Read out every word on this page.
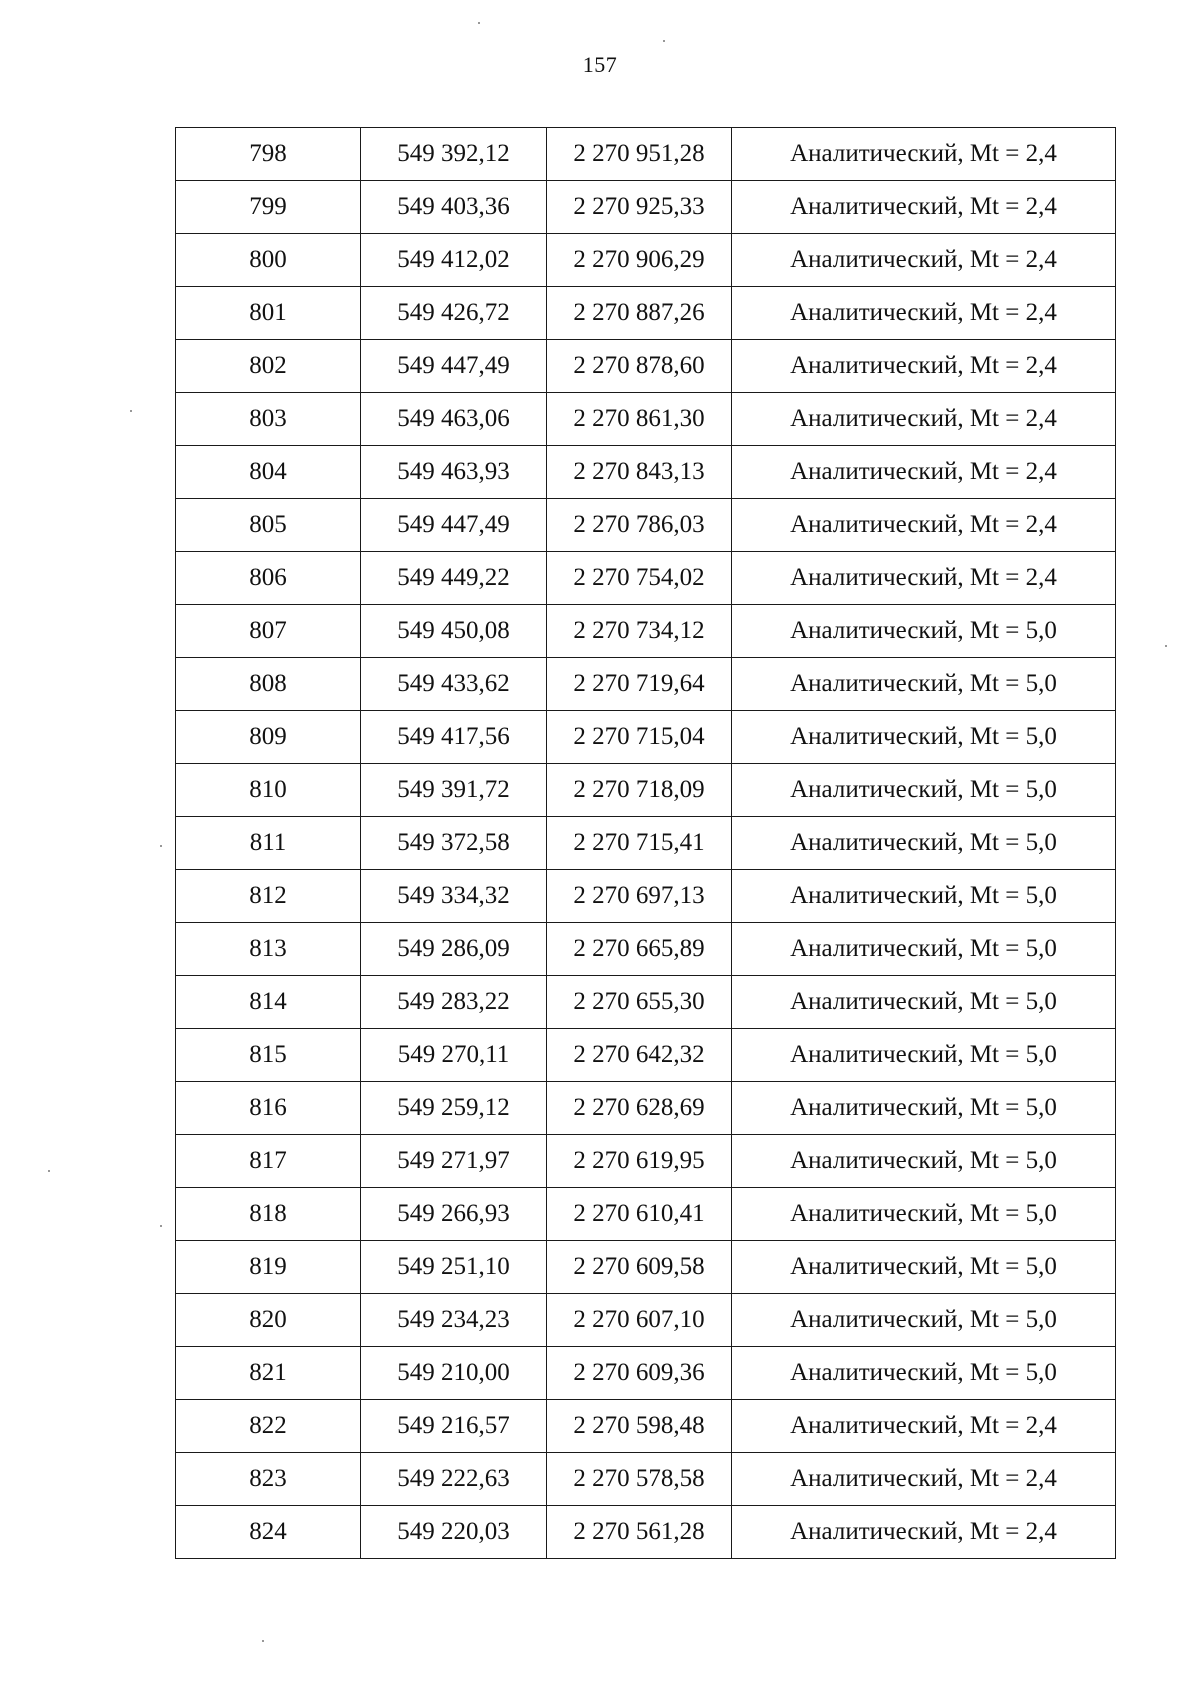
157
798	549 392,12	2 270 951,28	Аналитический, Mt = 2,4
799	549 403,36	2 270 925,33	Аналитический, Mt = 2,4
800	549 412,02	2 270 906,29	Аналитический, Mt = 2,4
801	549 426,72	2 270 887,26	Аналитический, Mt = 2,4
802	549 447,49	2 270 878,60	Аналитический, Mt = 2,4
803	549 463,06	2 270 861,30	Аналитический, Mt = 2,4
804	549 463,93	2 270 843,13	Аналитический, Mt = 2,4
805	549 447,49	2 270 786,03	Аналитический, Mt = 2,4
806	549 449,22	2 270 754,02	Аналитический, Mt = 2,4
807	549 450,08	2 270 734,12	Аналитический, Mt = 5,0
808	549 433,62	2 270 719,64	Аналитический, Mt = 5,0
809	549 417,56	2 270 715,04	Аналитический, Mt = 5,0
810	549 391,72	2 270 718,09	Аналитический, Mt = 5,0
811	549 372,58	2 270 715,41	Аналитический, Mt = 5,0
812	549 334,32	2 270 697,13	Аналитический, Mt = 5,0
813	549 286,09	2 270 665,89	Аналитический, Mt = 5,0
814	549 283,22	2 270 655,30	Аналитический, Mt = 5,0
815	549 270,11	2 270 642,32	Аналитический, Mt = 5,0
816	549 259,12	2 270 628,69	Аналитический, Mt = 5,0
817	549 271,97	2 270 619,95	Аналитический, Mt = 5,0
818	549 266,93	2 270 610,41	Аналитический, Mt = 5,0
819	549 251,10	2 270 609,58	Аналитический, Mt = 5,0
820	549 234,23	2 270 607,10	Аналитический, Mt = 5,0
821	549 210,00	2 270 609,36	Аналитический, Mt = 5,0
822	549 216,57	2 270 598,48	Аналитический, Mt = 2,4
823	549 222,63	2 270 578,58	Аналитический, Mt = 2,4
824	549 220,03	2 270 561,28	Аналитический, Mt = 2,4
